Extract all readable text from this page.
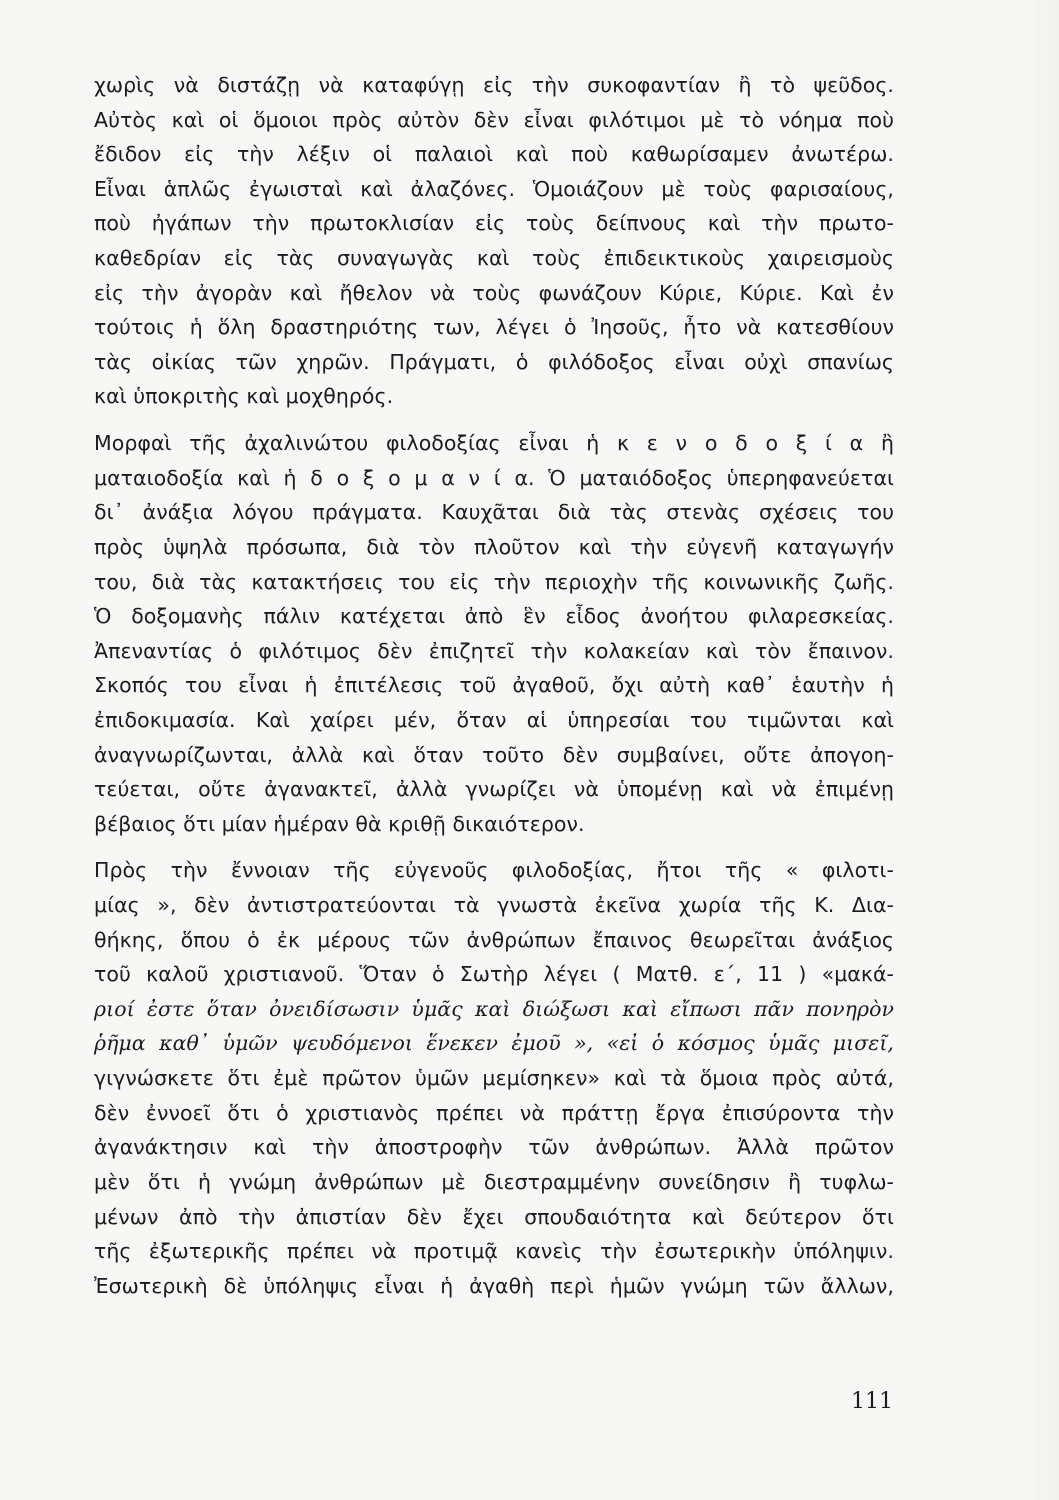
χωρὶς νὰ διστάζῃ νὰ καταφύγῃ εἰς τὴν συκοφαντίαν ἢ τὸ ψεῦδος.
Αὐτὸς καὶ οἱ ὅμοιοι πρὸς αὐτὸν δὲν εἶναι φιλότιμοι μὲ τὸ νόημα ποὺ
ἔδιδον εἰς τὴν λέξιν οἱ παλαιοὶ καὶ ποὺ καθωρίσαμεν ἀνωτέρω.
Εἶναι ἁπλῶς ἐγωισταὶ καὶ ἀλαζόνες. Ὁμοιάζουν μὲ τοὺς φαρισαίους,
ποὺ ἠγάπων τὴν πρωτοκλισίαν εἰς τοὺς δείπνους καὶ τὴν πρωτο-
καθεδρίαν εἰς τὰς συναγωγὰς καὶ τοὺς ἐπιδεικτικοὺς χαιρεισμοὺς
εἰς τὴν ἀγορὰν καὶ ἤθελον νὰ τοὺς φωνάζουν Κύριε, Κύριε. Καὶ ἐν
τούτοις ἡ ὅλη δραστηριότης των, λέγει ὁ Ἰησοῦς, ἦτο νὰ κατεσθίουν
τὰς οἰκίας τῶν χηρῶν. Πράγματι, ὁ φιλόδοξος εἶναι οὐχὶ σπανίως
καὶ ὑποκριτὴς καὶ μοχθηρός.
Μορφαὶ τῆς ἀχαλινώτου φιλοδοξίας εἶναι ἡ κ ε ν ο δ ο ξ ί α ἢ
ματαιοδοξία καὶ ἡ δ ο ξ ο μ α ν ί α. Ὁ ματαιόδοξος ὑπερηφανεύεται
δι᾿ ἀνάξια λόγου πράγματα. Καυχᾶται διὰ τὰς στενὰς σχέσεις του
πρὸς ὑψηλὰ πρόσωπα, διὰ τὸν πλοῦτον καὶ τὴν εὐγενῆ καταγωγήν
του, διὰ τὰς κατακτήσεις του εἰς τὴν περιοχὴν τῆς κοινωνικῆς ζωῆς.
Ὁ δοξομανὴς πάλιν κατέχεται ἀπὸ ἓν εἶδος ἀνοήτου φιλαρεσκείας.
Ἀπεναντίας ὁ φιλότιμος δὲν ἐπιζητεῖ τὴν κολακείαν καὶ τὸν ἔπαινον.
Σκοπός του εἶναι ἡ ἐπιτέλεσις τοῦ ἀγαθοῦ, ὄχι αὐτὴ καθ᾿ ἑαυτὴν ἡ
ἐπιδοκιμασία. Καὶ χαίρει μέν, ὅταν αἱ ὑπηρεσίαι του τιμῶνται καὶ
ἀναγνωρίζωνται, ἀλλὰ καὶ ὅταν τοῦτο δὲν συμβαίνει, οὔτε ἀπογοη-
τεύεται, οὔτε ἀγανακτεῖ, ἀλλὰ γνωρίζει νὰ ὑπομένῃ καὶ νὰ ἐπιμένῃ
βέβαιος ὅτι μίαν ἡμέραν θὰ κριθῇ δικαιότερον.
Πρὸς τὴν ἔννοιαν τῆς εὐγενοῦς φιλοδοξίας, ἤτοι τῆς « φιλοτι-
μίας », δὲν ἀντιστρατεύονται τὰ γνωστὰ ἐκεῖνα χωρία τῆς Κ. Δια-
θήκης, ὅπου ὁ ἐκ μέρους τῶν ἀνθρώπων ἔπαινος θεωρεῖται ἀνάξιος
τοῦ καλοῦ χριστιανοῦ. Ὅταν ὁ Σωτὴρ λέγει ( Ματθ. ε΄, 11 ) «μακά-
ριοί ἐστε ὅταν ὀνειδίσωσιν ὑμᾶς καὶ διώξωσι καὶ εἴπωσι πᾶν πονηρὸν
ῥῆμα καθ᾿ ὑμῶν ψευδόμενοι ἕνεκεν ἐμοῦ », «εἰ ὁ κόσμος ὑμᾶς μισεῖ,
γιγνώσκετε ὅτι ἐμὲ πρῶτον ὑμῶν μεμίσηκεν» καὶ τὰ ὅμοια πρὸς αὐτά,
δὲν ἐννοεῖ ὅτι ὁ χριστιανὸς πρέπει νὰ πράττῃ ἔργα ἐπισύροντα τὴν
ἀγανάκτησιν καὶ τὴν ἀποστροφὴν τῶν ἀνθρώπων. Ἀλλὰ πρῶτον
μὲν ὅτι ἡ γνώμη ἀνθρώπων μὲ διεστραμμένην συνείδησιν ἢ τυφλω-
μένων ἀπὸ τὴν ἀπιστίαν δὲν ἔχει σπουδαιότητα καὶ δεύτερον ὅτι
τῆς ἐξωτερικῆς πρέπει νὰ προτιμᾷ κανεὶς τὴν ἐσωτερικὴν ὑπόληψιν.
Ἐσωτερικὴ δὲ ὑπόληψις εἶναι ἡ ἀγαθὴ περὶ ἡμῶν γνώμη τῶν ἄλλων,
111
